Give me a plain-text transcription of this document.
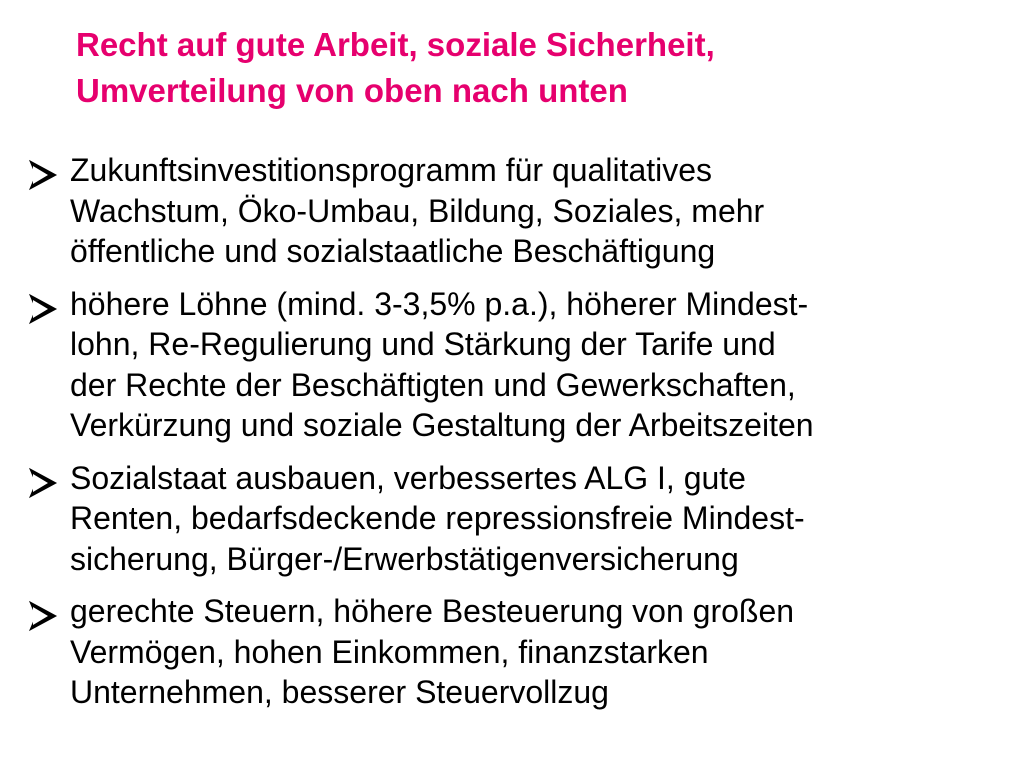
Recht auf gute Arbeit, soziale Sicherheit,
Umverteilung von oben nach unten
Zukunftsinvestitionsprogramm für qualitatives
Wachstum, Öko-Umbau, Bildung, Soziales, mehr
öffentliche und sozialstaatliche Beschäftigung
höhere Löhne (mind. 3-3,5% p.a.), höherer Mindest-
lohn, Re-Regulierung und Stärkung der Tarife und
der Rechte der Beschäftigten und Gewerkschaften,
Verkürzung und soziale Gestaltung der Arbeitszeiten
Sozialstaat ausbauen, verbessertes ALG I, gute
Renten, bedarfsdeckende repressionsfreie Mindest-
sicherung, Bürger-/Erwerbstätigenversicherung
gerechte Steuern, höhere Besteuerung von großen
Vermögen, hohen Einkommen, finanzstarken
Unternehmen, besserer Steuervollzug
